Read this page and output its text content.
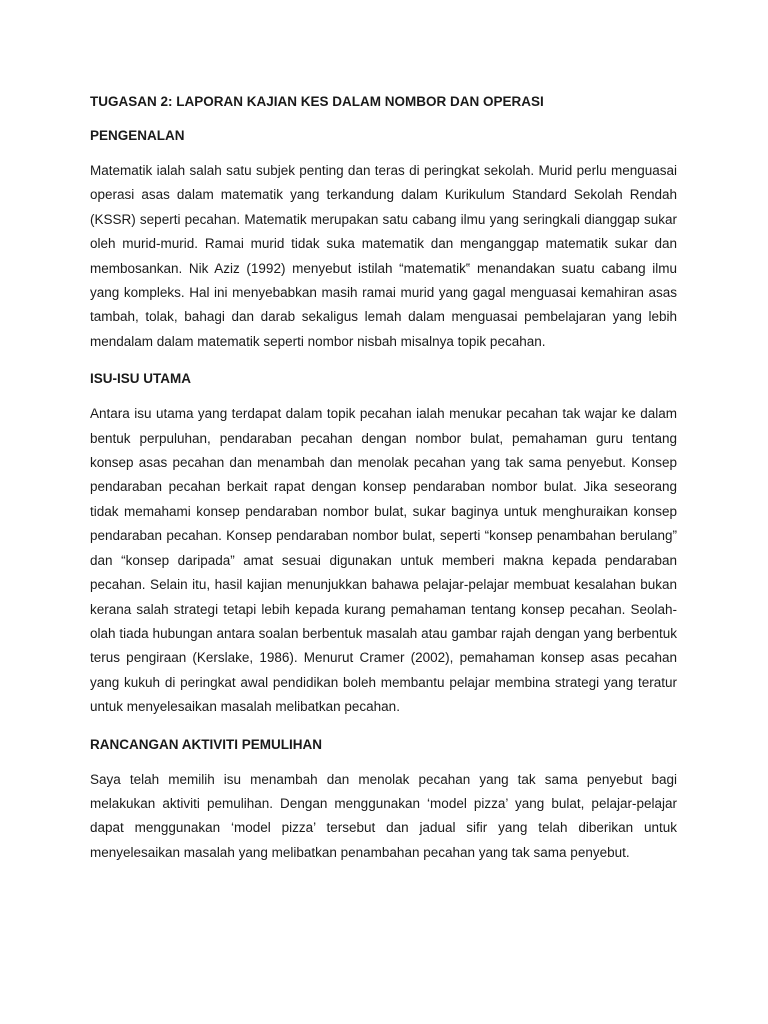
TUGASAN 2: LAPORAN KAJIAN KES DALAM NOMBOR DAN OPERASI
PENGENALAN
Matematik ialah salah satu subjek penting dan teras di peringkat sekolah. Murid perlu menguasai operasi asas dalam matematik yang terkandung dalam Kurikulum Standard Sekolah Rendah (KSSR) seperti pecahan. Matematik merupakan satu cabang ilmu yang seringkali dianggap sukar oleh murid-murid. Ramai murid tidak suka matematik dan menganggap matematik sukar dan membosankan. Nik Aziz (1992) menyebut istilah “matematik‟ menandakan suatu cabang ilmu yang kompleks. Hal ini menyebabkan masih ramai murid yang gagal menguasai kemahiran asas tambah, tolak, bahagi dan darab sekaligus lemah dalam menguasai pembelajaran yang lebih mendalam dalam matematik seperti nombor nisbah misalnya topik pecahan.
ISU-ISU UTAMA
Antara isu utama yang terdapat dalam topik pecahan ialah menukar pecahan tak wajar ke dalam bentuk perpuluhan, pendaraban pecahan dengan nombor bulat, pemahaman guru tentang konsep asas pecahan dan menambah dan menolak pecahan yang tak sama penyebut. Konsep pendaraban pecahan berkait rapat dengan konsep pendaraban nombor bulat. Jika seseorang tidak memahami konsep pendaraban nombor bulat, sukar baginya untuk menghuraikan konsep pendaraban pecahan. Konsep pendaraban nombor bulat, seperti “konsep penambahan berulang” dan “konsep daripada” amat sesuai digunakan untuk memberi makna kepada pendaraban pecahan. Selain itu, hasil kajian menunjukkan bahawa pelajar-pelajar membuat kesalahan bukan kerana salah strategi tetapi lebih kepada kurang pemahaman tentang konsep pecahan. Seolah-olah tiada hubungan antara soalan berbentuk masalah atau gambar rajah dengan yang berbentuk terus pengiraan (Kerslake, 1986). Menurut Cramer (2002), pemahaman konsep asas pecahan yang kukuh di peringkat awal pendidikan boleh membantu pelajar membina strategi yang teratur untuk menyelesaikan masalah melibatkan pecahan.
RANCANGAN AKTIVITI PEMULIHAN
Saya telah memilih isu menambah dan menolak pecahan yang tak sama penyebut bagi melakukan aktiviti pemulihan. Dengan menggunakan ‘model pizza’ yang bulat, pelajar-pelajar dapat menggunakan ‘model pizza’ tersebut dan jadual sifir yang telah diberikan untuk menyelesaikan masalah yang melibatkan penambahan pecahan yang tak sama penyebut.
